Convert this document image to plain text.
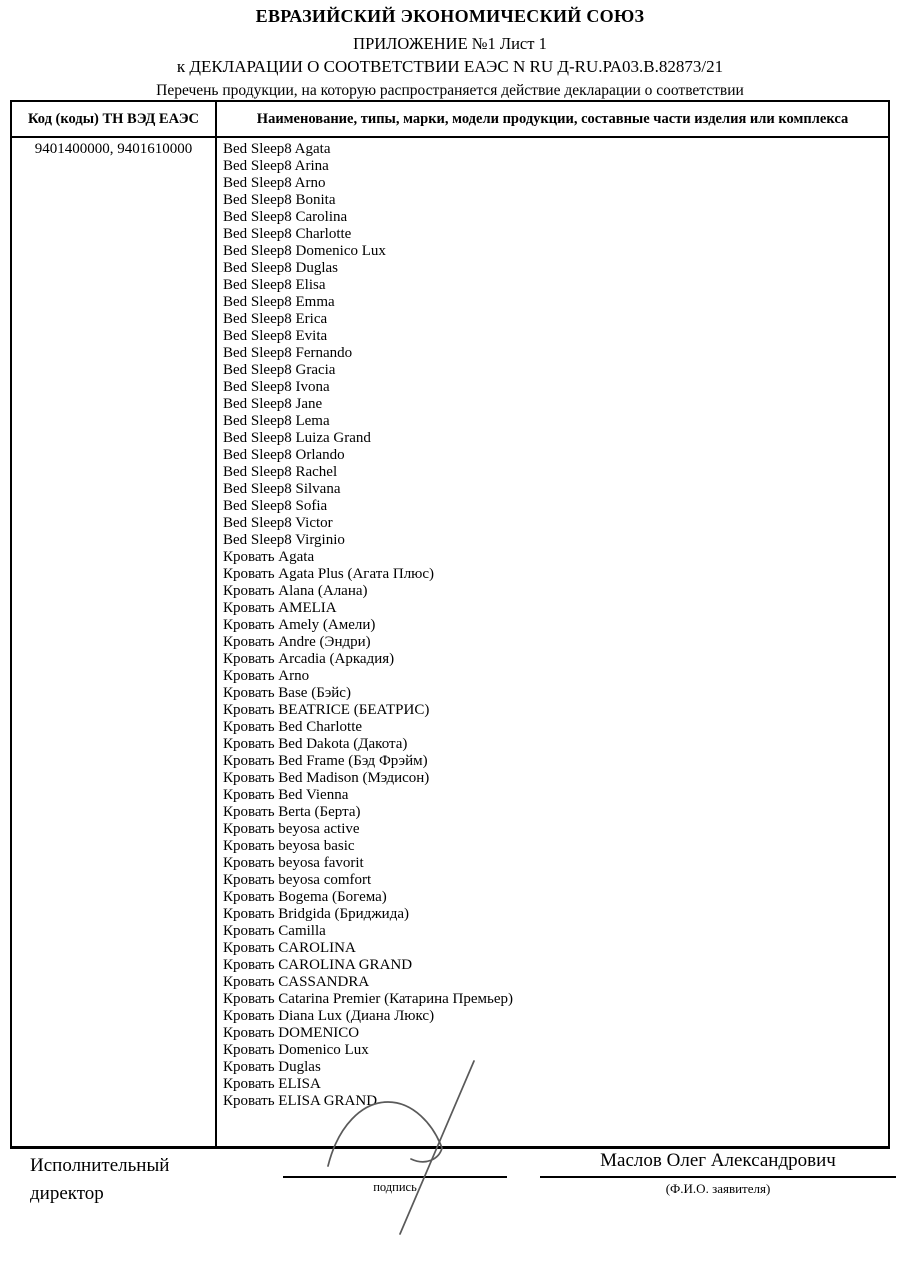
ЕВРАЗИЙСКИЙ ЭКОНОМИЧЕСКИЙ СОЮЗ
ПРИЛОЖЕНИЕ №1 Лист 1
к ДЕКЛАРАЦИИ О СООТВЕТСТВИИ ЕАЭС N RU Д-RU.РА03.В.82873/21
Перечень продукции, на которую распространяется действие декларации о соответствии
Код (коды) ТН ВЭД ЕАЭС	Наименование, типы, марки, модели продукции, составные части изделия или комплекса
9401400000, 9401610000	Bed Sleep8 Agata
Bed Sleep8 Arina
Bed Sleep8 Arno
Bed Sleep8 Bonita
Bed Sleep8 Carolina
Bed Sleep8 Charlotte
Bed Sleep8 Domenico Lux
Bed Sleep8 Duglas
Bed Sleep8 Elisa
Bed Sleep8 Emma
Bed Sleep8 Erica
Bed Sleep8 Evita
Bed Sleep8 Fernando
Bed Sleep8 Gracia
Bed Sleep8 Ivona
Bed Sleep8 Jane
Bed Sleep8 Lema
Bed Sleep8 Luiza Grand
Bed Sleep8 Orlando
Bed Sleep8 Rachel
Bed Sleep8 Silvana
Bed Sleep8 Sofia
Bed Sleep8 Victor
Bed Sleep8 Virginio
Кровать Agata
Кровать Agata Plus (Агата Плюс)
Кровать Alana (Алана)
Кровать AMELIA
Кровать Amely (Амели)
Кровать Andre (Эндри)
Кровать Arcadia (Аркадия)
Кровать Arno
Кровать Base (Бэйс)
Кровать BEATRICE (БЕАТРИС)
Кровать Bed Charlotte
Кровать Bed Dakota (Дакота)
Кровать Bed Frame (Бэд Фрэйм)
Кровать Bed Madison (Мэдисон)
Кровать Bed Vienna
Кровать Berta (Берта)
Кровать beyosa active
Кровать beyosa basic
Кровать beyosa favorit
Кровать beyosa comfort
Кровать Bogema (Богема)
Кровать Bridgida (Бриджида)
Кровать Camilla
Кровать CAROLINA
Кровать CAROLINA GRAND
Кровать CASSANDRA
Кровать Catarina Premier (Катарина Премьер)
Кровать Diana Lux (Диана Люкс)
Кровать DOMENICO
Кровать Domenico Lux
Кровать Duglas
Кровать ELISA
Кровать ELISA GRAND
Исполнительный директор	подпись
Маслов Олег Александрович
(Ф.И.О. заявителя)
